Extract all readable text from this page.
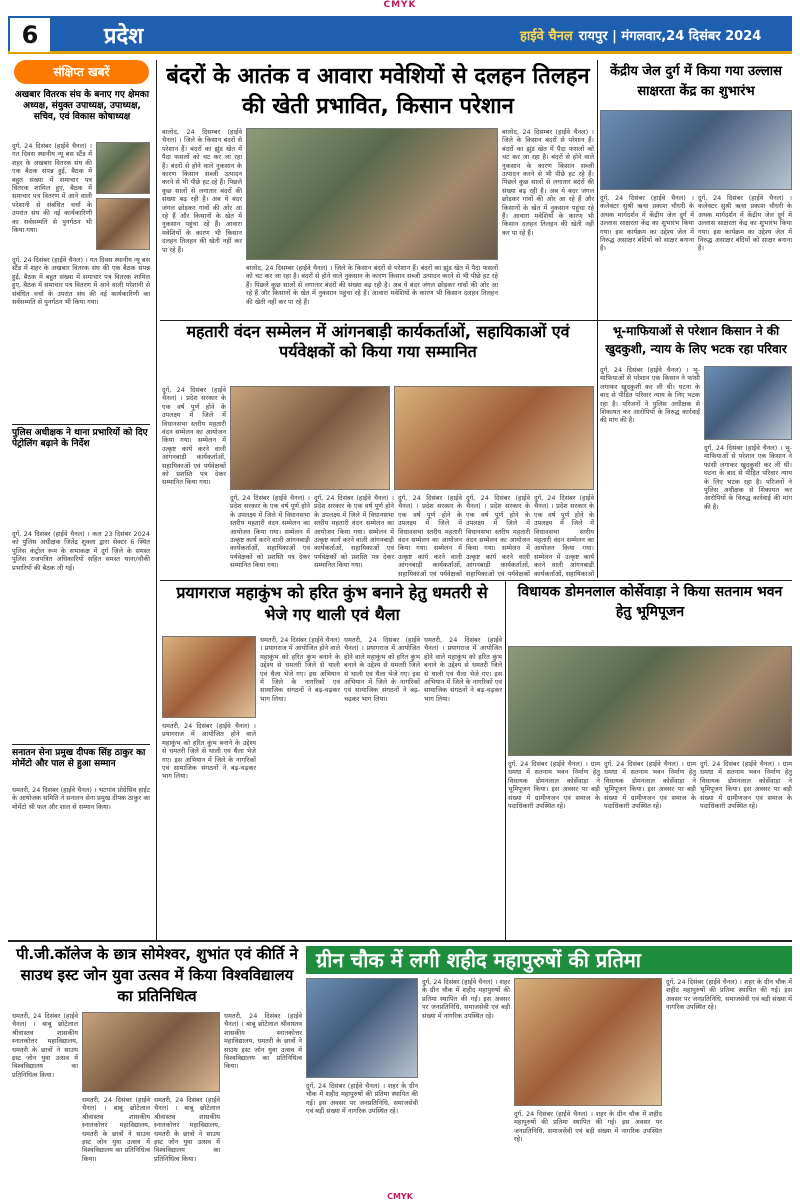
CMYK
6	प्रदेश	हाईवे चैनल रायपुर | मंगलवार,24 दिसंबर 2024
संक्षिप्त खबरें
अखबार वितरक संघ के बनाए गए क्षेमका अध्यक्ष, संयुक्त उपाध्यक्ष, उपाध्यक्ष, सचिव, एवं विकास कोषाध्यक्ष
दुर्ग, 24 दिसंबर (हाईवे चैनल) । गत दिवस स्थानीय न्यू बस स्टैंड में शहर के अखबार वितरक संघ की एक बैठक संपन्न हुई, बैठक में बहुत संख्या में समाचार पत्र वितरक शामिल हुए, बैठक में समाचार पत्र वितरण में आने वाली परेशानी से संबंधित चर्चा के उपरांत संघ की नई कार्यकारिणी का सर्वसम्मति से पुनर्गठन भी किया गया।
दुर्ग, 24 दिसंबर (हाईवे चैनल) । गत दिवस स्थानीय न्यू बस स्टैंड में शहर के अखबार वितरक संघ की एक बैठक संपन्न हुई, बैठक में बहुत संख्या में समाचार पत्र वितरक शामिल हुए, बैठक में समाचार पत्र वितरण में आने वाली परेशानी से संबंधित चर्चा के उपरांत संघ की नई कार्यकारिणी का सर्वसम्मति से पुनर्गठन भी किया गया।
पुलिस अधीक्षक ने थाना प्रभारियों को दिए पेट्रोलिंग बढ़ाने के निर्देश
दुर्ग, 24 दिसंबर (हाईवे चैनल) । कल 23 दिसंबर 2024 को पुलिस अधीक्षक जितेंद्र शुक्ला द्वारा सेक्टर 6 स्थित पुलिस कंट्रोल रूम के सभाकक्ष में दुर्ग जिले के समस्त पुलिस राजपत्रित अधिकारियों सहित समस्त थाना/चौकी प्रभारियों की बैठक ली गई।
सनातन सेना प्रमुख दीपक सिंह ठाकुर का मोमेंटो और पाल से हुआ सम्मान
धमतरी, 24 दिसंबर (हाईवे चैनल) । भटगांव प्रोग्रेसिव हाईट के आयोजक समिति ने सनातन सेना प्रमुख दीपक ठाकुर का मोमेंटो श्री फल और शाल से सम्मान किया।
बंदरों के आतंक व आवारा मवेशियों से दलहन तिलहन की खेती प्रभावित, किसान परेशान
बालोद, 24 दिसम्बर (हाईवे चैनल) । जिले के किसान बंदरों से परेशान हैं। बंदरों का झुंड खेत में पैदा फसलों को चट कर जा रहा है। बंदरों से होने वाले नुकसान के कारण किसान सब्जी उत्पादन करने से भी पीछे हट रहे हैं। पिछले कुछ सालों से लगातार बंदरों की संख्या बढ़ रही है। अब ये बंदर जंगल छोड़कर गांवों की ओर आ रहे हैं और किसानों के खेत में नुकसान पहुंचा रहे हैं। आवारा मवेशियों के कारण भी किसान दलहन तिलहन की खेती नहीं कर पा रहे हैं।
बालोद, 24 दिसम्बर (हाईवे चैनल) । जिले के किसान बंदरों से परेशान हैं। बंदरों का झुंड खेत में पैदा फसलों को चट कर जा रहा है। बंदरों से होने वाले नुकसान के कारण किसान सब्जी उत्पादन करने से भी पीछे हट रहे हैं। पिछले कुछ सालों से लगातार बंदरों की संख्या बढ़ रही है। अब ये बंदर जंगल छोड़कर गांवों की ओर आ रहे हैं और किसानों के खेत में नुकसान पहुंचा रहे हैं। आवारा मवेशियों के कारण भी किसान दलहन तिलहन की खेती नहीं कर पा रहे हैं।
बालोद, 24 दिसम्बर (हाईवे चैनल) । जिले के किसान बंदरों से परेशान हैं। बंदरों का झुंड खेत में पैदा फसलों को चट कर जा रहा है। बंदरों से होने वाले नुकसान के कारण किसान सब्जी उत्पादन करने से भी पीछे हट रहे हैं। पिछले कुछ सालों से लगातार बंदरों की संख्या बढ़ रही है। अब ये बंदर जंगल छोड़कर गांवों की ओर आ रहे हैं और किसानों के खेत में नुकसान पहुंचा रहे हैं। आवारा मवेशियों के कारण भी किसान दलहन तिलहन की खेती नहीं कर पा रहे हैं।
केंद्रीय जेल दुर्ग में किया गया उल्लास साक्षरता केंद्र का शुभारंभ
दुर्ग, 24 दिसंबर (हाईवे चैनल) । कलेक्टर सुश्री ऋचा प्रकाश चौधरी के अथक मार्गदर्शन में केंद्रीय जेल दुर्ग में उल्लास साक्षरता केंद्र का शुभारंभ किया गया। इस कार्यक्रम का उद्देश्य जेल में निरुद्ध असाक्षर बंदियों को साक्षर बनाना है।
दुर्ग, 24 दिसंबर (हाईवे चैनल) । कलेक्टर सुश्री ऋचा प्रकाश चौधरी के अथक मार्गदर्शन में केंद्रीय जेल दुर्ग में उल्लास साक्षरता केंद्र का शुभारंभ किया गया। इस कार्यक्रम का उद्देश्य जेल में निरुद्ध असाक्षर बंदियों को साक्षर बनाना है।
महतारी वंदन सम्मेलन में आंगनबाड़ी कार्यकर्ताओं, सहायिकाओं एवं पर्यवेक्षकों को किया गया सम्मानित
दुर्ग, 24 दिसंबर (हाईवे चैनल) । प्रदेश सरकार के एक वर्ष पूर्ण होने के उपलक्ष्य में जिले में विधानसभा स्तरीय महतारी वंदन सम्मेलन का आयोजन किया गया। सम्मेलन में उत्कृष्ट कार्य करने वाली आंगनबाड़ी कार्यकर्ताओं, सहायिकाओं एवं पर्यवेक्षकों को प्रशस्ति पत्र देकर सम्मानित किया गया।
दुर्ग, 24 दिसंबर (हाईवे चैनल) । प्रदेश सरकार के एक वर्ष पूर्ण होने के उपलक्ष्य में जिले में विधानसभा स्तरीय महतारी वंदन सम्मेलन का आयोजन किया गया। सम्मेलन में उत्कृष्ट कार्य करने वाली आंगनबाड़ी कार्यकर्ताओं, सहायिकाओं एवं पर्यवेक्षकों को प्रशस्ति पत्र देकर सम्मानित किया गया।
दुर्ग, 24 दिसंबर (हाईवे चैनल) । प्रदेश सरकार के एक वर्ष पूर्ण होने के उपलक्ष्य में जिले में विधानसभा स्तरीय महतारी वंदन सम्मेलन का आयोजन किया गया। सम्मेलन में उत्कृष्ट कार्य करने वाली आंगनबाड़ी कार्यकर्ताओं, सहायिकाओं एवं पर्यवेक्षकों को प्रशस्ति पत्र देकर सम्मानित किया गया।
दुर्ग, 24 दिसंबर (हाईवे चैनल) । प्रदेश सरकार के एक वर्ष पूर्ण होने के उपलक्ष्य में जिले में विधानसभा स्तरीय महतारी वंदन सम्मेलन का आयोजन किया गया। सम्मेलन में उत्कृष्ट कार्य करने वाली आंगनबाड़ी कार्यकर्ताओं, सहायिकाओं एवं पर्यवेक्षकों
दुर्ग, 24 दिसंबर (हाईवे चैनल) । प्रदेश सरकार के एक वर्ष पूर्ण होने के उपलक्ष्य में जिले में विधानसभा स्तरीय महतारी वंदन सम्मेलन का आयोजन किया गया। सम्मेलन में उत्कृष्ट कार्य करने वाली आंगनबाड़ी कार्यकर्ताओं, सहायिकाओं एवं पर्यवेक्षकों
दुर्ग, 24 दिसंबर (हाईवे चैनल) । प्रदेश सरकार के एक वर्ष पूर्ण होने के उपलक्ष्य में जिले में विधानसभा स्तरीय महतारी वंदन सम्मेलन का आयोजन किया गया। सम्मेलन में उत्कृष्ट कार्य करने वाली आंगनबाड़ी कार्यकर्ताओं, सहायिकाओं
भू-माफियाओं से परेशान किसान ने की खुदकुशी, न्याय के लिए भटक रहा परिवार
दुर्ग, 24 दिसंबर (हाईवे चैनल) । भू-माफियाओं से परेशान एक किसान ने फांसी लगाकर खुदकुशी कर ली थी। घटना के बाद से पीड़ित परिवार न्याय के लिए भटक रहा है। परिजनों ने पुलिस अधीक्षक से शिकायत कर आरोपियों के विरुद्ध कार्रवाई की मांग की है।
दुर्ग, 24 दिसंबर (हाईवे चैनल) । भू-माफियाओं से परेशान एक किसान ने फांसी लगाकर खुदकुशी कर ली थी। घटना के बाद से पीड़ित परिवार न्याय के लिए भटक रहा है। परिजनों ने पुलिस अधीक्षक से शिकायत कर आरोपियों के विरुद्ध कार्रवाई की मांग की है।
प्रयागराज महाकुंभ को हरित कुंभ बनाने हेतु धमतरी से भेजे गए थाली एवं थैला
धमतरी, 24 दिसंबर (हाईवे चैनल) । प्रयागराज में आयोजित होने वाले महाकुंभ को हरित कुंभ बनाने के उद्देश्य से धमतरी जिले से थाली एवं थैला भेजे गए। इस अभियान में जिले के नागरिकों एवं सामाजिक संगठनों ने बढ़-चढ़कर भाग लिया।
धमतरी, 24 दिसंबर (हाईवे चैनल) । प्रयागराज में आयोजित होने वाले महाकुंभ को हरित कुंभ बनाने के उद्देश्य से धमतरी जिले से थाली एवं थैला भेजे गए। इस अभियान में जिले के नागरिकों एवं सामाजिक संगठनों ने बढ़-चढ़कर भाग लिया।
धमतरी, 24 दिसंबर (हाईवे चैनल) । प्रयागराज में आयोजित होने वाले महाकुंभ को हरित कुंभ बनाने के उद्देश्य से धमतरी जिले से थाली एवं थैला भेजे गए। इस अभियान में जिले के नागरिकों एवं सामाजिक संगठनों ने बढ़-चढ़कर भाग लिया।
धमतरी, 24 दिसंबर (हाईवे चैनल) । प्रयागराज में आयोजित होने वाले महाकुंभ को हरित कुंभ बनाने के उद्देश्य से धमतरी जिले से थाली एवं थैला भेजे गए। इस अभियान में जिले के नागरिकों एवं सामाजिक संगठनों ने बढ़-चढ़कर भाग लिया।
विधायक डोमनलाल कोर्सेवाड़ा ने किया सतनाम भवन हेतु भूमिपूजन
दुर्ग, 24 दिसंबर (हाईवे चैनल) । ग्राम धमधा में सतनाम भवन निर्माण हेतु विधायक डोमनलाल कोर्सेवाड़ा ने भूमिपूजन किया। इस अवसर पर बड़ी संख्या में ग्रामीणजन एवं समाज के पदाधिकारी उपस्थित रहे।
दुर्ग, 24 दिसंबर (हाईवे चैनल) । ग्राम धमधा में सतनाम भवन निर्माण हेतु विधायक डोमनलाल कोर्सेवाड़ा ने भूमिपूजन किया। इस अवसर पर बड़ी संख्या में ग्रामीणजन एवं समाज के पदाधिकारी उपस्थित रहे।
दुर्ग, 24 दिसंबर (हाईवे चैनल) । ग्राम धमधा में सतनाम भवन निर्माण हेतु विधायक डोमनलाल कोर्सेवाड़ा ने भूमिपूजन किया। इस अवसर पर बड़ी संख्या में ग्रामीणजन एवं समाज के पदाधिकारी उपस्थित रहे।
पी.जी.कॉलेज के छात्र सोमेश्वर, शुभांत एवं कीर्ति ने साउथ इस्ट जोन युवा उत्सव में किया विश्वविद्यालय का प्रतिनिधित्व
धमतरी, 24 दिसंबर (हाईवे चैनल) । बाबू छोटेलाल श्रीवास्तव शासकीय स्नातकोत्तर महाविद्यालय, धमतरी के छात्रों ने साउथ इस्ट जोन युवा उत्सव में विश्वविद्यालय का प्रतिनिधित्व किया।
धमतरी, 24 दिसंबर (हाईवे चैनल) । बाबू छोटेलाल श्रीवास्तव शासकीय स्नातकोत्तर महाविद्यालय, धमतरी के छात्रों ने साउथ इस्ट जोन युवा उत्सव में विश्वविद्यालय का प्रतिनिधित्व किया।
धमतरी, 24 दिसंबर (हाईवे चैनल) । बाबू छोटेलाल श्रीवास्तव शासकीय स्नातकोत्तर महाविद्यालय, धमतरी के छात्रों ने साउथ इस्ट जोन युवा उत्सव में विश्वविद्यालय का प्रतिनिधित्व किया।
धमतरी, 24 दिसंबर (हाईवे चैनल) । बाबू छोटेलाल श्रीवास्तव शासकीय स्नातकोत्तर महाविद्यालय, धमतरी के छात्रों ने साउथ इस्ट जोन युवा उत्सव में विश्वविद्यालय का प्रतिनिधित्व किया।
ग्रीन चौक में लगी शहीद महापुरुषों की प्रतिमा
दुर्ग, 24 दिसंबर (हाईवे चैनल) । शहर के ग्रीन चौक में शहीद महापुरुषों की प्रतिमा स्थापित की गई। इस अवसर पर जनप्रतिनिधि, समाजसेवी एवं बड़ी संख्या में नागरिक उपस्थित रहे।
दुर्ग, 24 दिसंबर (हाईवे चैनल) । शहर के ग्रीन चौक में शहीद महापुरुषों की प्रतिमा स्थापित की गई। इस अवसर पर जनप्रतिनिधि, समाजसेवी एवं बड़ी संख्या में नागरिक उपस्थित रहे।
दुर्ग, 24 दिसंबर (हाईवे चैनल) । शहर के ग्रीन चौक में शहीद महापुरुषों की प्रतिमा स्थापित की गई। इस अवसर पर जनप्रतिनिधि, समाजसेवी एवं बड़ी संख्या में नागरिक उपस्थित रहे।
दुर्ग, 24 दिसंबर (हाईवे चैनल) । शहर के ग्रीन चौक में शहीद महापुरुषों की प्रतिमा स्थापित की गई। इस अवसर पर जनप्रतिनिधि, समाजसेवी एवं बड़ी संख्या में नागरिक उपस्थित रहे।
CMYK
